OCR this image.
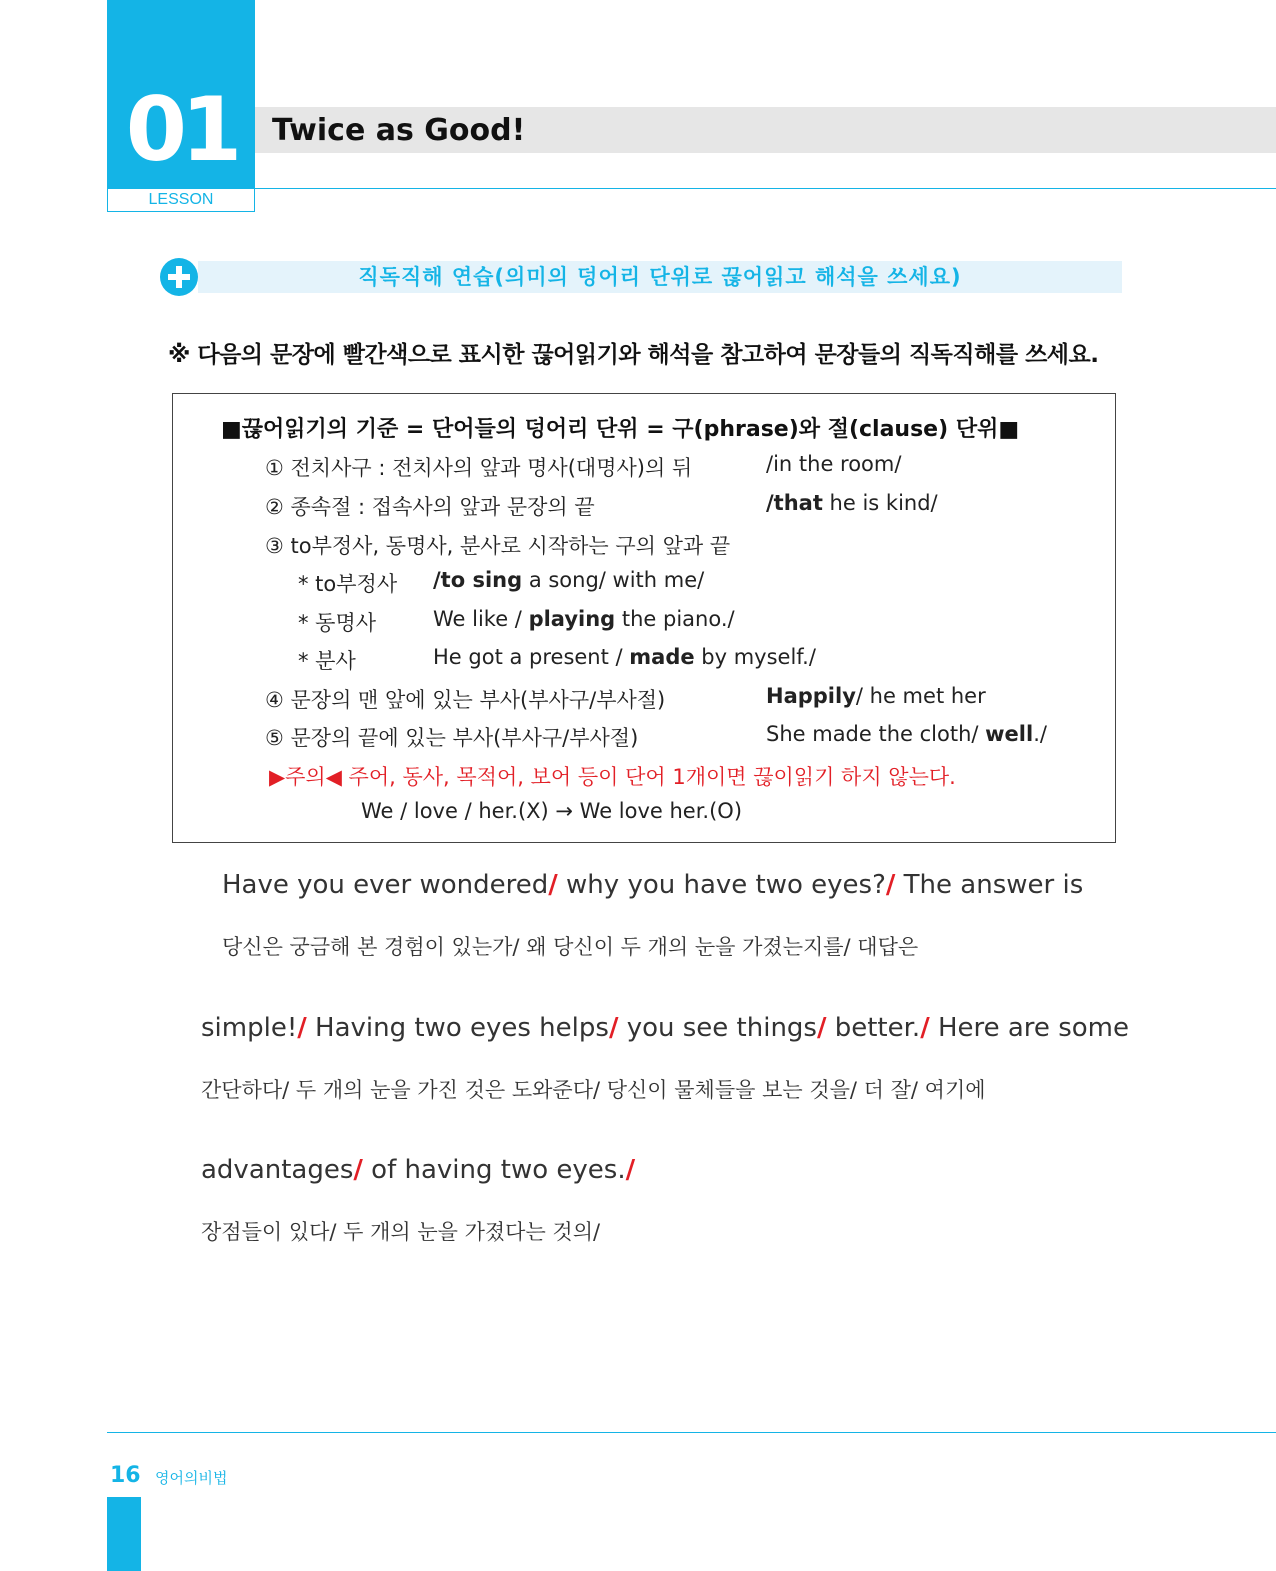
01
LESSON
Twice as Good!
직독직해 연습(의미의 덩어리 단위로 끊어읽고 해석을 쓰세요)
※ 다음의 문장에 빨간색으로 표시한 끊어읽기와 해석을 참고하여 문장들의 직독직해를 쓰세요.
■끊어읽기의 기준 = 단어들의 덩어리 단위 = 구(phrase)와 절(clause) 단위■
① 전치사구 : 전치사의 앞과 명사(대명사)의 뒤	/in the room/
② 종속절 : 접속사의 앞과 문장의 끝	/that he is kind/
③ to부정사, 동명사, 분사로 시작하는 구의 앞과 끝
* to부정사 /to sing a song/ with me/
* 동명사	We like / playing the piano./
* 분사	He got a present / made by myself./
④ 문장의 맨 앞에 있는 부사(부사구/부사절)	Happily/ he met her
⑤ 문장의 끝에 있는 부사(부사구/부사절)	She made the cloth/ well./
▶주의◀ 주어, 동사, 목적어, 보어 등이 단어 1개이면 끊이읽기 하지 않는다.
We / love / her.(X) → We love her.(O)
Have you ever wondered/ why you have two eyes?/ The answer is
당신은 궁금해 본 경험이 있는가/ 왜 당신이 두 개의 눈을 가졌는지를/ 대답은
simple!/ Having two eyes helps/ you see things/ better./ Here are some
간단하다/ 두 개의 눈을 가진 것은 도와준다/ 당신이 물체들을 보는 것을/ 더 잘/ 여기에
advantages/ of having two eyes./
장점들이 있다/ 두 개의 눈을 가졌다는 것의/
16 영어의비법
